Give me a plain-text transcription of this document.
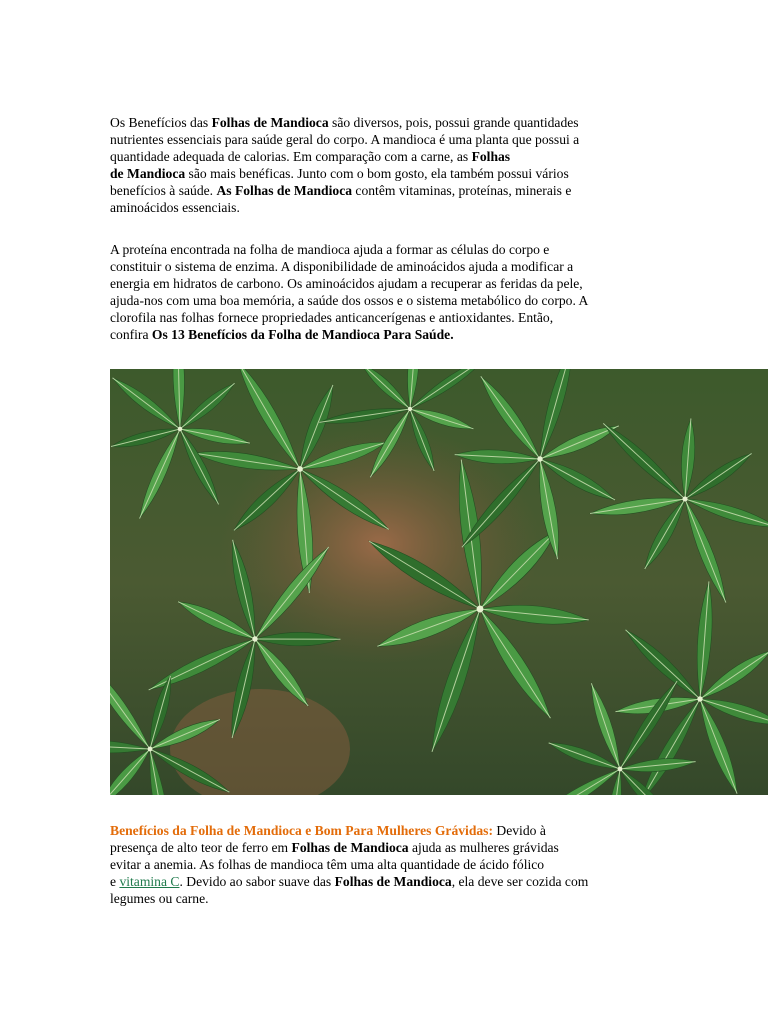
Os Benefícios das Folhas de Mandioca são diversos, pois, possui grande quantidades
nutrientes essenciais para saúde geral do corpo. A mandioca é uma planta que possui a
quantidade adequada de calorias. Em comparação com a carne, as Folhas
de Mandioca são mais benéficas. Junto com o bom gosto, ela também possui vários
benefícios à saúde. As Folhas de Mandioca contêm vitaminas, proteínas, minerais e
aminoácidos essenciais.
A proteína encontrada na folha de mandioca ajuda a formar as células do corpo e
constituir o sistema de enzima. A disponibilidade de aminoácidos ajuda a modificar a
energia em hidratos de carbono. Os aminoácidos ajudam a recuperar as feridas da pele,
ajuda-nos com uma boa memória, a saúde dos ossos e o sistema metabólico do corpo. A
clorofila nas folhas fornece propriedades anticancerígenas e antioxidantes. Então,
confira Os 13 Benefícios da Folha de Mandioca Para Saúde.
Benefícios da Folha de Mandioca e Bom Para Mulheres Grávidas: Devido à
presença de alto teor de ferro em Folhas de Mandioca ajuda as mulheres grávidas
evitar a anemia. As folhas de mandioca têm uma alta quantidade de ácido fólico
e vitamina C. Devido ao sabor suave das Folhas de Mandioca, ela deve ser cozida com
legumes ou carne.
